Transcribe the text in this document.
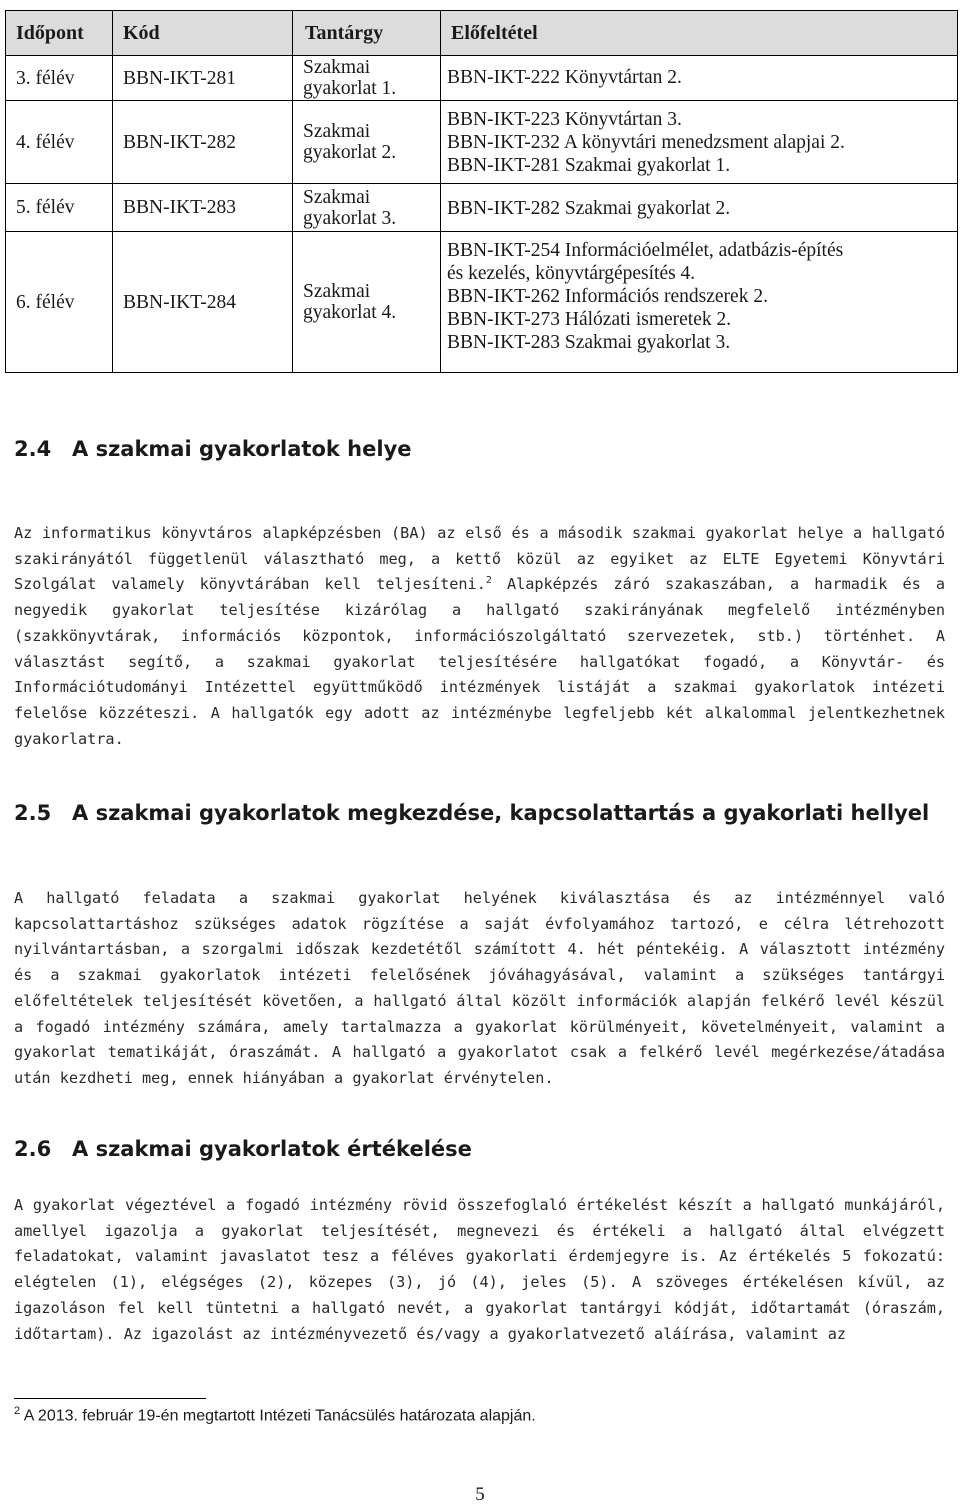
Időpont	Kód	Tantárgy	Előfeltétel
3. félév	BBN-IKT-281	Szakmai gyakorlat 1.	BBN-IKT-222 Könyvtártan 2.

4. félév	BBN-IKT-282	Szakmai gyakorlat 2.	BBN-IKT-223 Könyvtártan 3.
BBN-IKT-232 A könyvtári menedzsment alapjai 2.
BBN-IKT-281 Szakmai gyakorlat 1.

5. félév	BBN-IKT-283	Szakmai gyakorlat 3.	BBN-IKT-282 Szakmai gyakorlat 2.

6. félév	BBN-IKT-284	Szakmai gyakorlat 4.	BBN-IKT-254 Információelmélet, adatbázis-építés
és kezelés, könyvtárgépesítés 4.
BBN-IKT-262 Információs rendszerek 2.
BBN-IKT-273 Hálózati ismeretek 2.
BBN-IKT-283 Szakmai gyakorlat 3.
2.4 A szakmai gyakorlatok helye

Az informatikus könyvtáros alapképzésben (BA) az első és a második szakmai gyakorlat helye a hallgató szakirányától függetlenül választható meg, a kettő közül az egyiket az ELTE Egyetemi Könyvtári Szolgálat valamely könyvtárában kell teljesíteni.$^2$ Alapképzés záró szakaszában, a harmadik és a negyedik gyakorlat teljesítése kizárólag a hallgató szakirányának megfelelő intézményben (szakkönyvtárak, információs központok, információszolgáltató szervezetek, stb.) történhet. A választást segítő, a szakmai gyakorlat teljesítésére hallgatókat fogadó, a Könyvtár- és Információtudományi Intézettel együttműködő intézmények listáját a szakmai gyakorlatok intézeti felelőse közzéteszi. A hallgatók egy adott az intézménybe legfeljebb két alkalommal jelentkezhetnek gyakorlatra.

2.5 A szakmai gyakorlatok megkezdése, kapcsolattartás a gyakorlati hellyel

A hallgató feladata a szakmai gyakorlat helyének kiválasztása és az intézménnyel való kapcsolattartáshoz szükséges adatok rögzítése a saját évfolyamához tartozó, e célra létrehozott nyilvántartásban, a szorgalmi időszak kezdetétől számított 4. hét péntekéig. A választott intézmény és a szakmai gyakorlatok intézeti felelősének jóváhagyásával, valamint a szükséges tantárgyi előfeltételek teljesítését követően, a hallgató által közölt információk alapján felkérő levél készül a fogadó intézmény számára, amely tartalmazza a gyakorlat körülményeit, követelményeit, valamint a gyakorlat tematikáját, óraszámát. A hallgató a gyakorlatot csak a felkérő levél megérkezése/átadása után kezdheti meg, ennek hiányában a gyakorlat érvénytelen.

2.6 A szakmai gyakorlatok értékelése

A gyakorlat végeztével a fogadó intézmény rövid összefoglaló értékelést készít a hallgató munkájáról, amellyel igazolja a gyakorlat teljesítését, megnevezi és értékeli a hallgató által elvégzett feladatokat, valamint javaslatot tesz a féléves gyakorlati érdemjegyre is. Az értékelés 5 fokozatú: elégtelen (1), elégséges (2), közepes (3), jó (4), jeles (5). A szöveges értékelésen kívül, az igazoláson fel kell tüntetni a hallgató nevét, a gyakorlat tantárgyi kódját, időtartamát (óraszám, időtartam). Az igazolást az intézményvezető és/vagy a gyakorlatvezető aláírása, valamint az

$^2$ A 2013. február 19-én megtartott Intézeti Tanácsülés határozata alapján.

5
